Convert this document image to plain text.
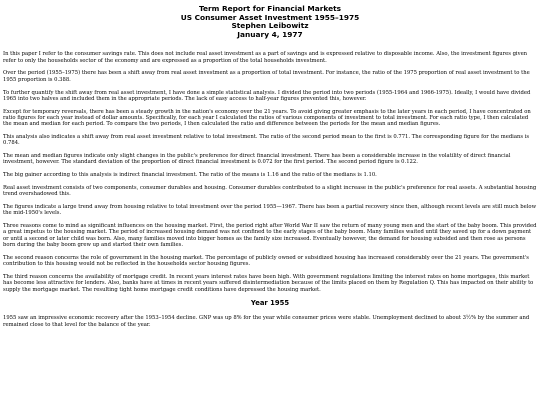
Term Report for Financial Markets
US Consumer Asset Investment 1955–1975
Stephen Leibowitz
January 4, 1977

In this paper I refer to the consumer savings rate. This does not include real asset investment as a part of savings and is expressed relative to disposable income. Also, the investment figures given refer to only the households sector of the economy and are expressed as a proportion of the total households investment.

Over the period (1955–1975) there has been a shift away from real asset investment as a proportion of total investment. For instance, the ratio of the 1975 proportion of real asset investment to the 1955 proportion is 0.388.

To further quantify the shift away from real asset investment, I have done a simple statistical analysis. I divided the period into two periods (1955-1964 and 1966-1975). Ideally, I would have divided 1965 into two halves and included them in the appropriate periods. The lack of easy access to half-year figures prevented this, however.

Except for temporary reversals, there has been a steady growth in the nation's economy over the 21 years. To avoid giving greater emphasis to the later years in each period, I have concentrated on ratio figures for each year instead of dollar amounts. Specifically, for each year I calculated the ratios of various components of investment to total investment. For each ratio type, I then calculated the mean and median for each period. To compare the two periods, I then calculated the ratio and difference between the periods for the mean and median figures.

This analysis also indicates a shift away from real asset investment relative to total investment. The ratio of the second period mean to the first is 0.771. The corresponding figure for the medians is 0.784.

The mean and median figures indicate only slight changes in the public's preference for direct financial investment. There has been a considerable increase in the volatility of direct financial investment, however. The standard deviation of the proportion of direct financial investment is 0.072 for the first period. The second period figure is 0.122.

The big gainer according to this analysis is indirect financial investment. The ratio of the means is 1.16 and the ratio of the medians is 1.10.

Real asset investment consists of two components, consumer durables and housing. Consumer durables contributed to a slight increase in the public's preference for real assets. A substantial housing trend overshadowed this.

The figures indicate a large trend away from housing relative to total investment over the period 1955—1967. There has been a partial recovery since then, although recent levels are still much below the mid-1950's levels.

Three reasons come to mind as significant influences on the housing market. First, the period right after World War II saw the return of many young men and the start of the baby boom. This provided a great impetus to the housing market. The period of increased housing demand was not confined to the early stages of the baby boom. Many families waited until they saved up for a down payment or until a second or later child was born. Also, many families moved into bigger homes as the family size increased. Eventually however, the demand for housing subsided and then rose as persons born during the baby boom grew up and started their own families.

The second reason concerns the role of government in the housing market. The percentage of publicly owned or subsidized housing has increased considerably over the 21 years. The government's contribution to this housing would not be reflected in the households sector housing figures.

The third reason concerns the availability of mortgage credit. In recent years interest rates have been high. With government regulations limiting the interest rates on home mortgages, this market has become less attractive for lenders. Also, banks have at times in recent years suffered disintermediation because of the limits placed on them by Regulation Q. This has impacted on their ability to supply the mortgage market. The resulting tight home mortgage credit conditions have depressed the housing market.

Year 1955

1955 saw an impressive economic recovery after the 1953–1954 decline. GNP was up 8% for the year while consumer prices were stable. Unemployment declined to about 3½% by the summer and remained close to that level for the balance of the year.
